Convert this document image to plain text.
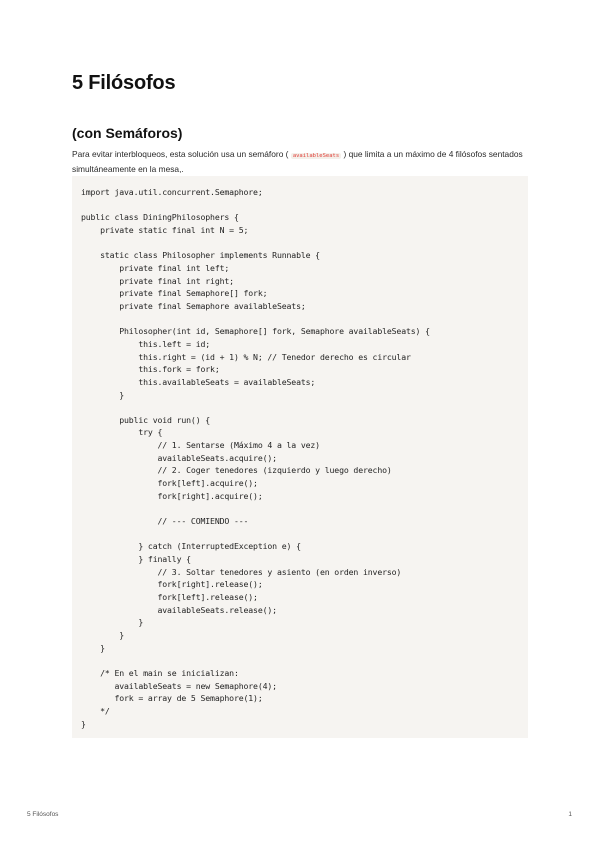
5 Filósofos
(con Semáforos)

Para evitar interbloqueos, esta solución usa un semáforo ( availableSeats ) que limita a un máximo de 4 filósofos sentados simultáneamente en la mesa,.

import java.util.concurrent.Semaphore;

public class DiningPhilosophers {
private static final int N = 5;

static class Philosopher implements Runnable {
private final int left;
private final int right;
private final Semaphore[] fork;
private final Semaphore availableSeats;

Philosopher(int id, Semaphore[] fork, Semaphore availableSeats) {
this.left = id;
this.right = (id + 1) % N; // Tenedor derecho es circular
this.fork = fork;
this.availableSeats = availableSeats;
}

public void run() {
try {
// 1. Sentarse (Máximo 4 a la vez)
availableSeats.acquire();
// 2. Coger tenedores (izquierdo y luego derecho)
fork[left].acquire();
fork[right].acquire();

// --- COMIENDO ---

} catch (InterruptedException e) {
} finally {
// 3. Soltar tenedores y asiento (en orden inverso)
fork[right].release();
fork[left].release();
availableSeats.release();
}
}
}

/* En el main se inicializan:
availableSeats = new Semaphore(4);
fork = array de 5 Semaphore(1);
*/
}
5 Filósofos	1
